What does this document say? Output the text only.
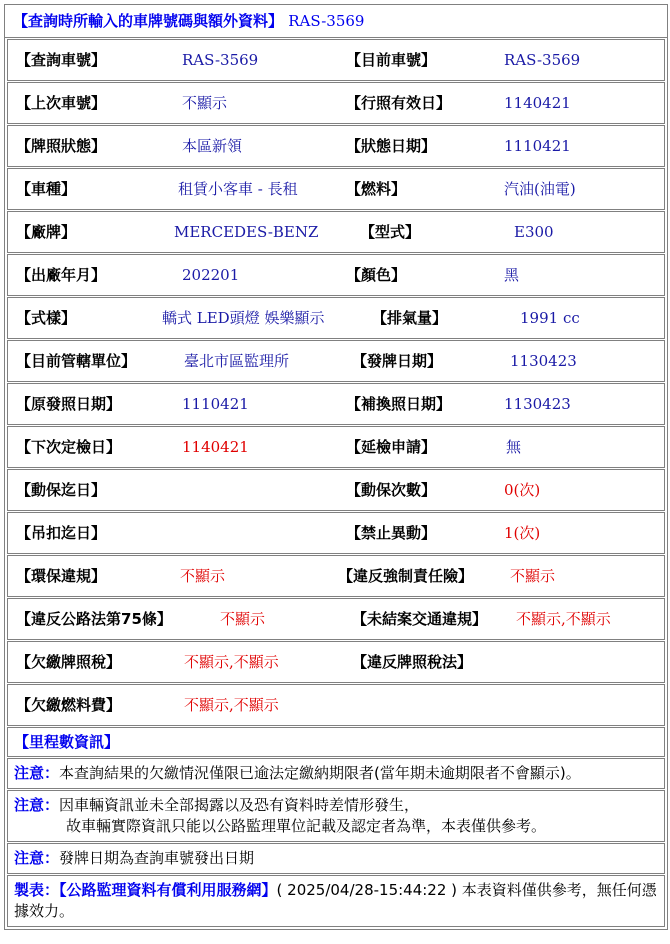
【查詢時所輸入的車牌號碼與額外資料】 RAS-3569
【查詢車號】	RAS-3569	【目前車號】	RAS-3569
【上次車號】	不顯示	【行照有效日】	1140421
【牌照狀態】	本區新領	【狀態日期】	1110421
【車種】	租賃小客車 - 長租	【燃料】	汽油(油電)
【廠牌】	MERCEDES-BENZ	【型式】	E300
【出廠年月】	202201	【顏色】	黑
【式樣】	轎式 LED頭燈 娛樂顯示	【排氣量】	1991 cc
【目前管轄單位】	臺北市區監理所	【發牌日期】	1130423
【原發照日期】	1110421	【補換照日期】	1130423
【下次定檢日】	1140421	【延檢申請】	無
【動保迄日】	【動保次數】	0(次)
【吊扣迄日】	【禁止異動】	1(次)
【環保違規】	不顯示	【違反強制責任險】 不顯示
【違反公路法第75條】	不顯示	【未結案交通違規】 不顯示,不顯示
【欠繳牌照稅】	不顯示,不顯示	【違反牌照稅法】
【欠繳燃料費】	不顯示,不顯示
【里程數資訊】
注意：本查詢結果的欠繳情況僅限已逾法定繳納期限者(當年期未逾期限者不會顯示)。
注意：因車輛資訊並未全部揭露以及恐有資料時差情形發生，
故車輛實際資訊只能以公路監理單位記載及認定者為準，本表僅供參考。
注意：發牌日期為查詢車號發出日期
製表：【公路監理資料有償利用服務網】( 2025/04/28-15:44:22 ) 本表資料僅供參考，無任何憑據效力。
